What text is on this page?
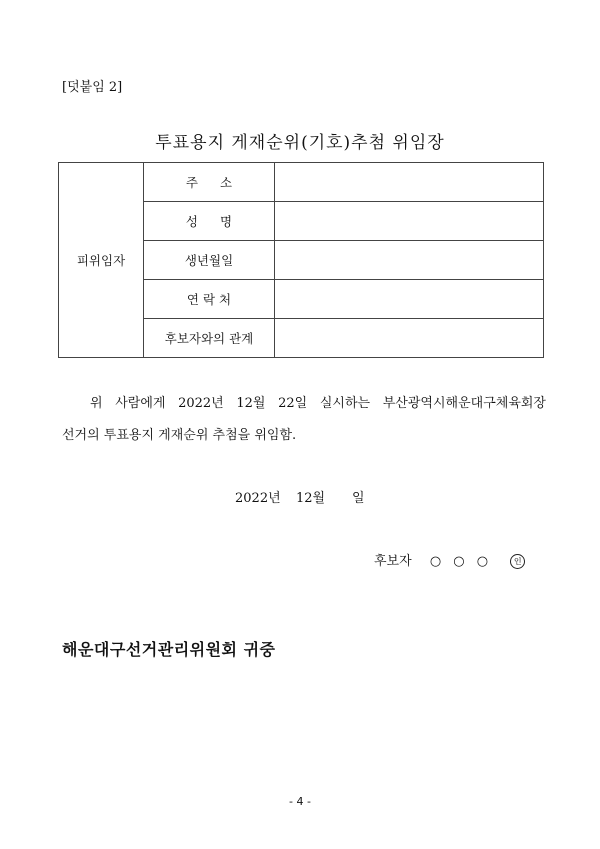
[덧붙임 2]
투표용지 게재순위(기호)추첨 위임장
피위임자	주소	
	성명	
	생년월일	
	연락처	
	후보자와의 관계	
위 사람에게 2022년 12월 22일 실시하는 부산광역시해운대구체육회장
선거의 투표용지 게재순위 추첨을 위임함.
2022년 12월 일
후보자 ○ ○ ○	인
해운대구선거관리위원회 귀중
- 4 -
